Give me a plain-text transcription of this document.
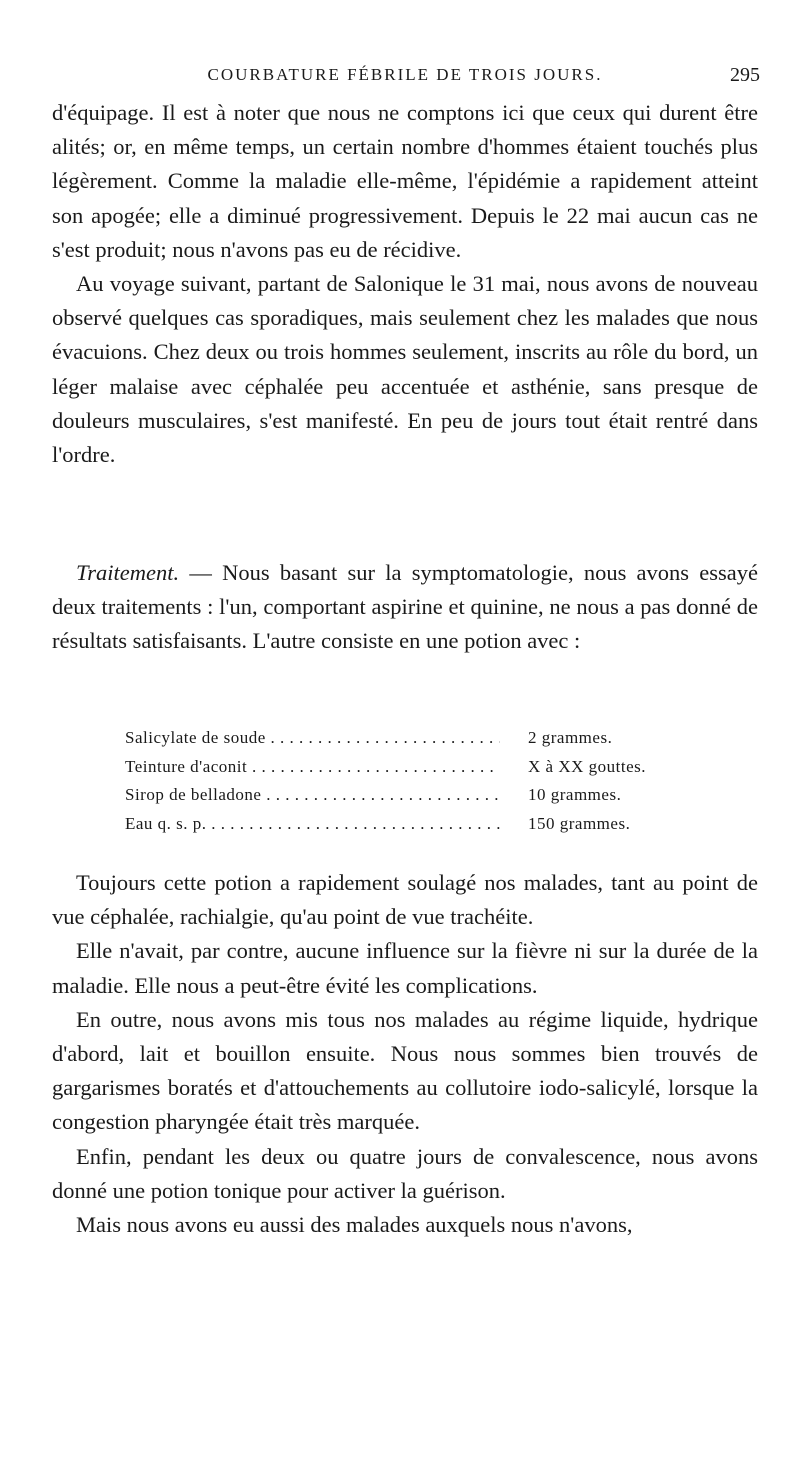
COURBATURE FÉBRILE DE TROIS JOURS.	295

d'équipage. Il est à noter que nous ne comptons ici que ceux qui durent être alités; or, en même temps, un certain nombre d'hommes étaient touchés plus légèrement. Comme la maladie elle-même, l'épidémie a rapidement atteint son apogée; elle a diminué progressivement. Depuis le 22 mai aucun cas ne s'est produit; nous n'avons pas eu de récidive.

Au voyage suivant, partant de Salonique le 31 mai, nous avons de nouveau observé quelques cas sporadiques, mais seulement chez les malades que nous évacuions. Chez deux ou trois hommes seulement, inscrits au rôle du bord, un léger malaise avec céphalée peu accentuée et asthénie, sans presque de douleurs musculaires, s'est manifesté. En peu de jours tout était rentré dans l'ordre.

Traitement. — Nous basant sur la symptomatologie, nous avons essayé deux traitements : l'un, comportant aspirine et quinine, ne nous a pas donné de résultats satisfaisants. L'autre consiste en une potion avec :

Salicylate de soude . . .	2 grammes.
Teinture d'aconit . . .	X à XX gouttes.
Sirop de belladone . . .	10 grammes.
Eau q. s. p. . . .	150 grammes.

Toujours cette potion a rapidement soulagé nos malades, tant au point de vue céphalée, rachialgie, qu'au point de vue trachéite.

Elle n'avait, par contre, aucune influence sur la fièvre ni sur la durée de la maladie. Elle nous a peut-être évité les complications.

En outre, nous avons mis tous nos malades au régime liquide, hydrique d'abord, lait et bouillon ensuite. Nous nous sommes bien trouvés de gargarismes boratés et d'attouchements au collutoire iodo-salicylé, lorsque la congestion pharyngée était très marquée.

Enfin, pendant les deux ou quatre jours de convalescence, nous avons donné une potion tonique pour activer la guérison.

Mais nous avons eu aussi des malades auxquels nous n'avons,
